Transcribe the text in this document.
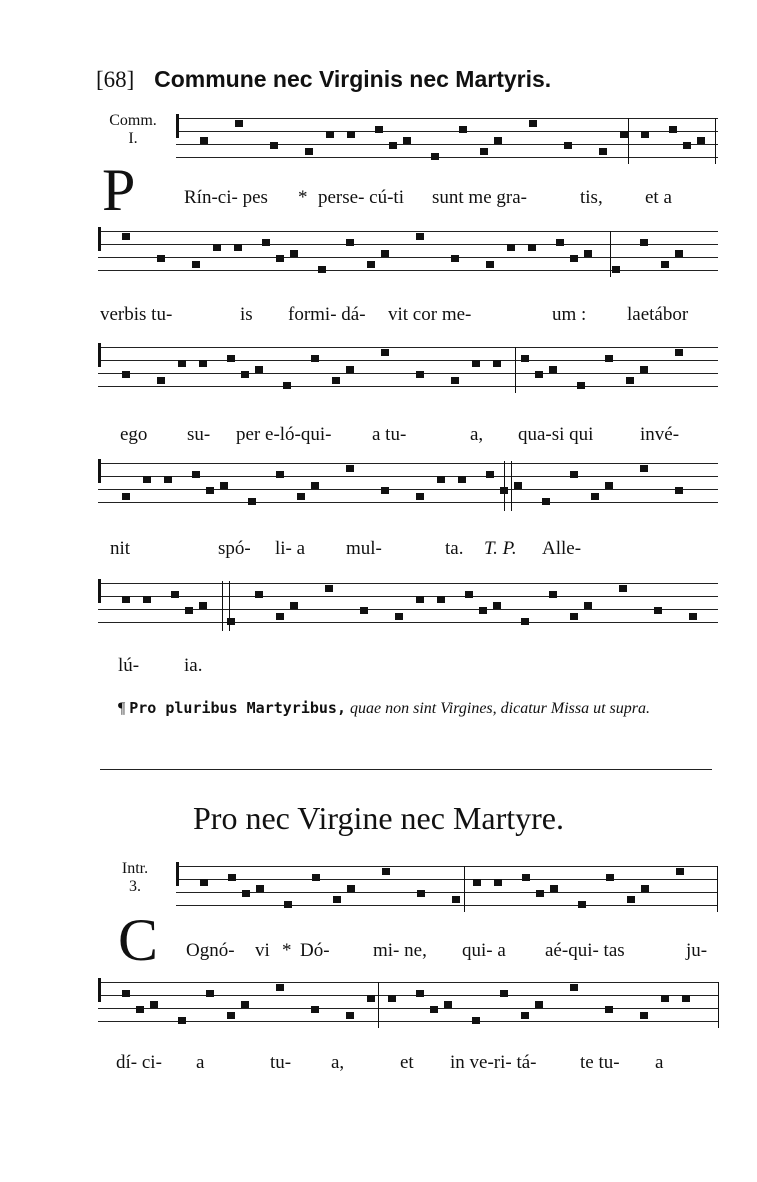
[68] Commune nec Virginis nec Martyris.
Comm.
I.
P	Rín-ci- pes * perse- cú-ti sunt me gra-	tis, et a
verbis tu-	is formi- dá- vit cor me-	um : laetábor
ego su- per e-ló-qui- a tu-	a, qua-si qui invé-
nit	spó- li- a mul-	ta. T. P. Alle-
lú- ia.
¶ Pro pluribus Martyribus, quae non sint Virgines, dicatur Missa ut supra.
Pro nec Virgine nec Martyre.
Intr.
3.
C Ognó- vi * Dó- mi- ne, qui- a aé-qui- tas	ju-
dí- ci- a	tu- a,	et in ve-ri- tá- te tu- a
